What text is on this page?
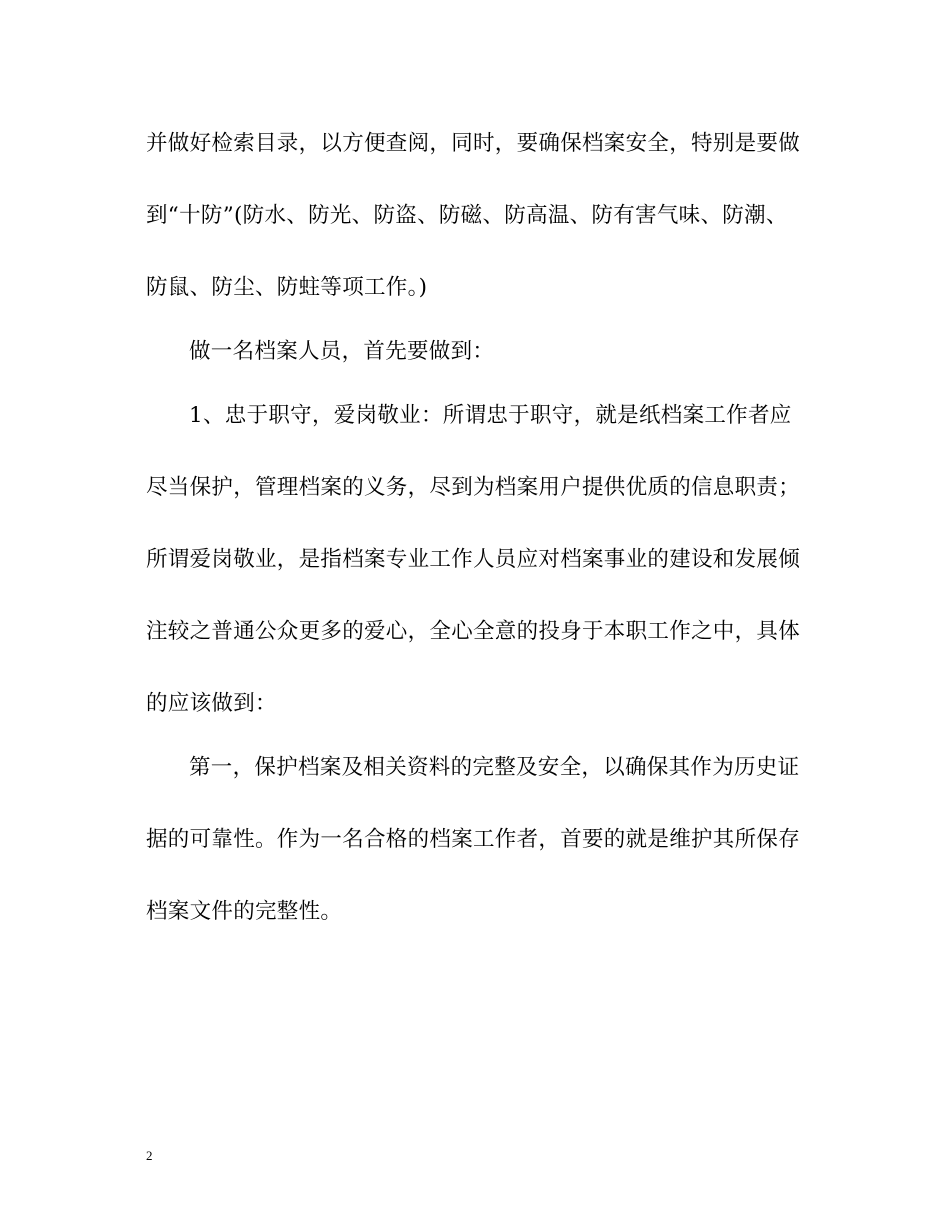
并做好检索目录，以方便查阅，同时，要确保档案安全，特别是要做
到“十防”(防水、防光、防盗、防磁、防高温、防有害气味、防潮、
防鼠、防尘、防蛀等项工作。)
做一名档案人员，首先要做到：
1、忠于职守，爱岗敬业：所谓忠于职守，就是纸档案工作者应
尽当保护，管理档案的义务，尽到为档案用户提供优质的信息职责；
所谓爱岗敬业，是指档案专业工作人员应对档案事业的建设和发展倾
注较之普通公众更多的爱心，全心全意的投身于本职工作之中，具体
的应该做到：
第一，保护档案及相关资料的完整及安全，以确保其作为历史证
据的可靠性。作为一名合格的档案工作者，首要的就是维护其所保存
档案文件的完整性。
2
